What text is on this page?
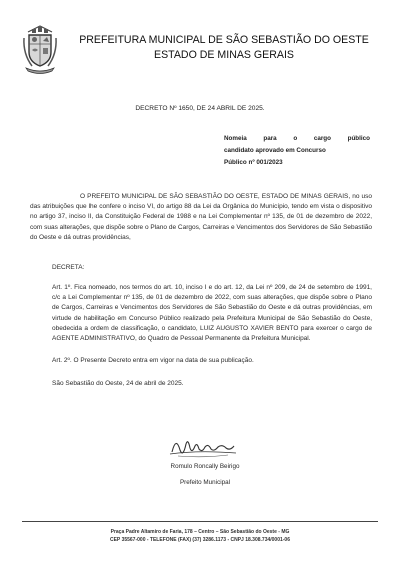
PREFEITURA MUNICIPAL DE SÃO SEBASTIÃO DO OESTE
ESTADO DE MINAS GERAIS
DECRETO Nº 1650, DE 24 ABRIL DE 2025.
Nomeia para o cargo público
candidato aprovado em Concurso
Público nº 001/2023
O PREFEITO MUNICIPAL DE SÃO SEBASTIÃO DO OESTE, ESTADO DE MINAS GERAIS, no uso das atribuições que lhe confere o inciso VI, do artigo 88 da Lei da Orgânica do Município, tendo em vista o dispositivo no artigo 37, inciso II, da Constituição Federal de 1988 e na Lei Complementar nº 135, de 01 de dezembro de 2022, com suas alterações, que dispõe sobre o Plano de Cargos, Carreiras e Vencimentos dos Servidores de São Sebastião do Oeste e dá outras providências,
DECRETA:
Art. 1º. Fica nomeado, nos termos do art. 10, inciso I e do art. 12, da Lei nº 209, de 24 de setembro de 1991, c/c a Lei Complementar nº 135, de 01 de dezembro de 2022, com suas alterações, que dispõe sobre o Plano de Cargos, Carreiras e Vencimentos dos Servidores de São Sebastião do Oeste e dá outras providências, em virtude de habilitação em Concurso Público realizado pela Prefeitura Municipal de São Sebastião do Oeste, obedecida a ordem de classificação, o candidato, LUIZ AUGUSTO XAVIER BENTO para exercer o cargo de AGENTE ADMINISTRATIVO, do Quadro de Pessoal Permanente da Prefeitura Municipal.
Art. 2º. O Presente Decreto entra em vigor na data de sua publicação.
São Sebastião do Oeste, 24 de abril de 2025.
Romulo Roncally Beirigo
Prefeito Municipal
Praça Padre Altamiro de Faria, 178 – Centro – São Sebastião do Oeste - MG
CEP 35567-000 - TELEFONE (FAX) (37) 3286.1173 - CNPJ 18.308.734/0001-06
